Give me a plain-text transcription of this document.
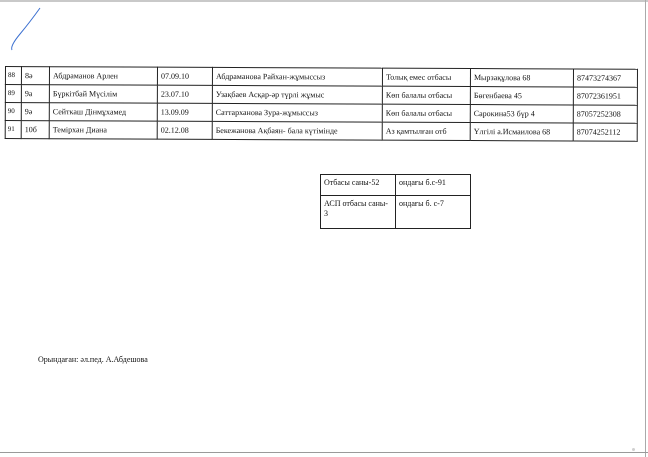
88	8ә	Абдраманов Арлен	07.09.10	Абдраманова Райхан-жұмыссыз	Толық емес отбасы	Мырзақұлова 68	87473274367
89	9а	Бүркітбай Мүсілім	23.07.10	Узақбаев Асқар-әр түрлі жұмыс	Көп балалы отбасы	Бөгенбаева 45	87072361951
90	9ә	Сейткаш Дінмұхамед	13.09.09	Саттарханова Зура-жұмыссыз	Көп балалы отбасы	Сарокина53 бүр 4	87057252308
91	10б	Темірхан Диана	02.12.08	Бекежанова Ақбаян- бала күтімінде	Аз қамтылған отб	Үлгілі а.Исмаилова 68	87074252112
Отбасы саны-52	ондағы б.с-91
АСП отбасы саны- 3	ондағы б. с-7
Орындаған: әл.пед. А.Абдешова
